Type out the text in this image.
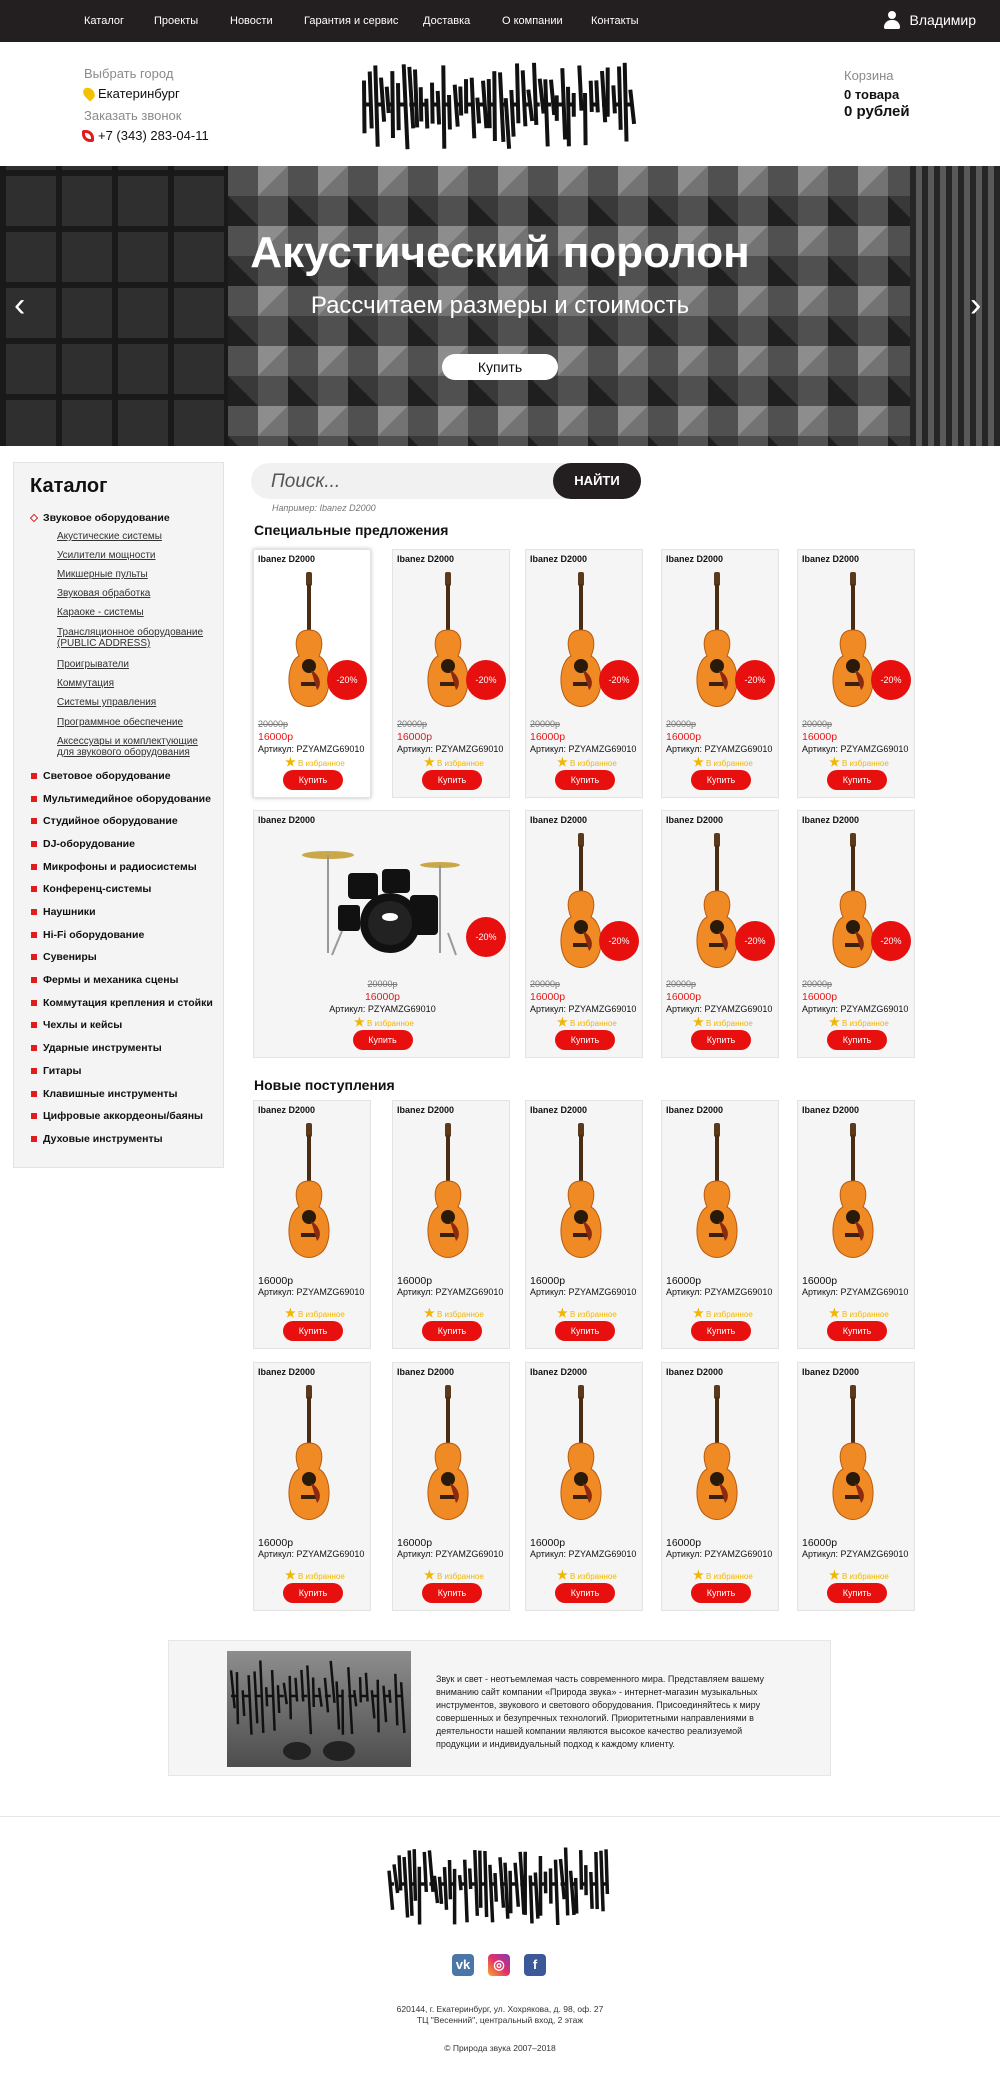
Каталог	Проекты	Новости	Гарантия и сервис Доставка	О компании	Контакты	Владимир
Выбрать город
Екатеринбург
Заказать звонок
+7 (343) 283-04-11
Корзина
0 товара
0 рублей
Акустический поролон
Рассчитаем размеры и стоимость
Купить
‹	›
Каталог
Звуковое оборудование
Акустические системы
Усилители мощности
Микшерные пульты
Звуковая обработка
Караоке - системы
Трансляционное оборудование (PUBLIC ADDRESS)
Проигрыватели
Коммутация
Системы управления
Программное обеспечение
Аксессуары и комплектующие для звукового оборудования
Световое оборудование
Мультимедийное оборудование
Студийное оборудование
DJ-оборудование
Микрофоны и радиосистемы
Конференц-системы
Наушники
Hi-Fi оборудование
Сувениры
Фермы и механика сцены
Коммутация крепления и стойки
Чехлы и кейсы
Ударные инструменты
Гитары
Клавишные инструменты
Цифровые аккордеоны/баяны
Духовые инструменты
Поиск...	НАЙТИ
Например: Ibanez D2000
Специальные предложения
Новые поступления
Ibanez D2000
-20%
20000р
16000р
Артикул: PZYAMZG69010
★ В избранное
Купить
Ibanez D2000
-20%
20000р
16000р
Артикул: PZYAMZG69010
★ В избранное
Купить
Ibanez D2000
-20%
20000р
16000р
Артикул: PZYAMZG69010
★ В избранное
Купить
Ibanez D2000
-20%
20000р
16000р
Артикул: PZYAMZG69010
★ В избранное
Купить
Ibanez D2000
-20%
20000р
16000р
Артикул: PZYAMZG69010
★ В избранное
Купить
Ibanez D2000
-20%
20000р
16000р
Артикул: PZYAMZG69010
★ В избранное
Купить
Ibanez D2000
-20%
20000р
16000р
Артикул: PZYAMZG69010
★ В избранное
Купить
Ibanez D2000
-20%
20000р
16000р
Артикул: PZYAMZG69010
★ В избранное
Купить
Ibanez D2000
-20%
20000р
16000р
Артикул: PZYAMZG69010
★ В избранное
Купить
Ibanez D2000
16000р
Артикул: PZYAMZG69010
★ В избранное
Купить
Ibanez D2000
16000р
Артикул: PZYAMZG69010
★ В избранное
Купить
Ibanez D2000
16000р
Артикул: PZYAMZG69010
★ В избранное
Купить
Ibanez D2000
16000р
Артикул: PZYAMZG69010
★ В избранное
Купить
Ibanez D2000
16000р
Артикул: PZYAMZG69010
★ В избранное
Купить
Ibanez D2000
16000р
Артикул: PZYAMZG69010
★ В избранное
Купить
Ibanez D2000
16000р
Артикул: PZYAMZG69010
★ В избранное
Купить
Ibanez D2000
16000р
Артикул: PZYAMZG69010
★ В избранное
Купить
Ibanez D2000
16000р
Артикул: PZYAMZG69010
★ В избранное
Купить
Ibanez D2000
16000р
Артикул: PZYAMZG69010
★ В избранное
Купить
Звук и свет - неотъемлемая часть современного мира. Представляем вашему вниманию сайт компании «Природа звука» - интернет-магазин музыкальных инструментов, звукового и светового оборудования. Присоединяйтесь к миру совершенных и безупречных технологий. Приоритетными направлениями в деятельности нашей компании являются высокое качество реализуемой продукции и индивидуальный подход к каждому клиенту.
vk	◎	f
620144, г. Екатеринбург, ул. Хохрякова, д. 98, оф. 27
ТЦ "Весенний", центральный вход, 2 этаж
© Природа звука 2007–2018
